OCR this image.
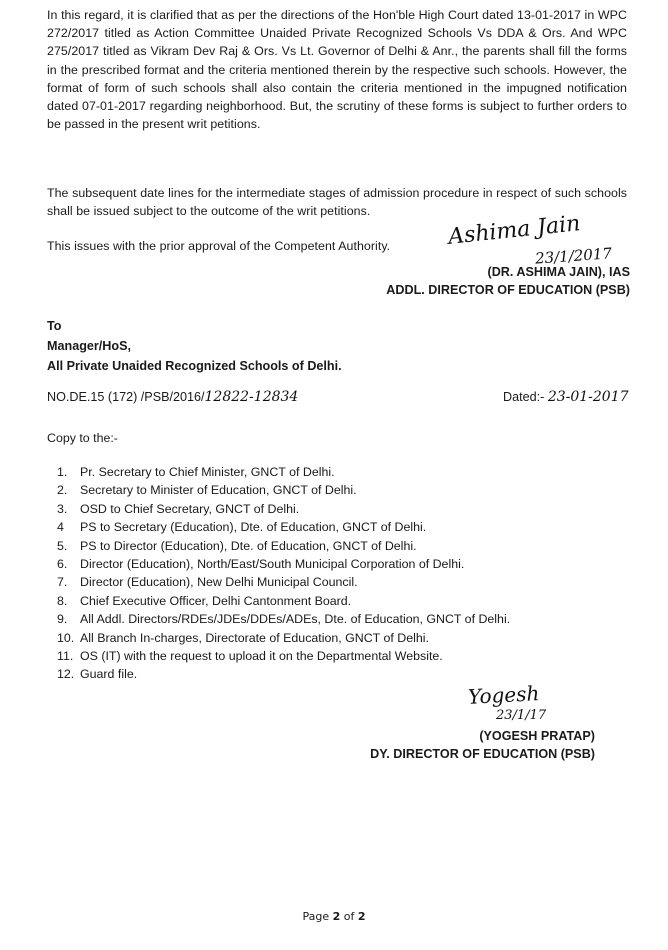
In this regard, it is clarified that as per the directions of the Hon'ble High Court dated 13-01-2017 in WPC 272/2017 titled as Action Committee Unaided Private Recognized Schools Vs DDA & Ors. And WPC 275/2017 titled as Vikram Dev Raj & Ors. Vs Lt. Governor of Delhi & Anr., the parents shall fill the forms in the prescribed format and the criteria mentioned therein by the respective such schools. However, the format of form of such schools shall also contain the criteria mentioned in the impugned notification dated 07-01-2017 regarding neighborhood. But, the scrutiny of these forms is subject to further orders to be passed in the present writ petitions.
The subsequent date lines for the intermediate stages of admission procedure in respect of such schools shall be issued subject to the outcome of the writ petitions.
This issues with the prior approval of the Competent Authority.	Ashima Jain
23/1/2017
(DR. ASHIMA JAIN), IAS
ADDL. DIRECTOR OF EDUCATION (PSB)
To
Manager/HoS,
All Private Unaided Recognized Schools of Delhi.
NO.DE.15 (172) /PSB/2016/12822-12834	Dated:- 23-01-2017
Copy to the:-
1.	Pr. Secretary to Chief Minister, GNCT of Delhi.
2.	Secretary to Minister of Education, GNCT of Delhi.
3.	OSD to Chief Secretary, GNCT of Delhi.
4	PS to Secretary (Education), Dte. of Education, GNCT of Delhi.
5.	PS to Director (Education), Dte. of Education, GNCT of Delhi.
6.	Director (Education), North/East/South Municipal Corporation of Delhi.
7.	Director (Education), New Delhi Municipal Council.
8.	Chief Executive Officer, Delhi Cantonment Board.
9.	All Addl. Directors/RDEs/JDEs/DDEs/ADEs, Dte. of Education, GNCT of Delhi.
10. All Branch In-charges, Directorate of Education, GNCT of Delhi.
11. OS (IT) with the request to upload it on the Departmental Website.
12. Guard file.
Yogesh
23/1/17
(YOGESH PRATAP)
DY. DIRECTOR OF EDUCATION (PSB)
Page 2 of 2
